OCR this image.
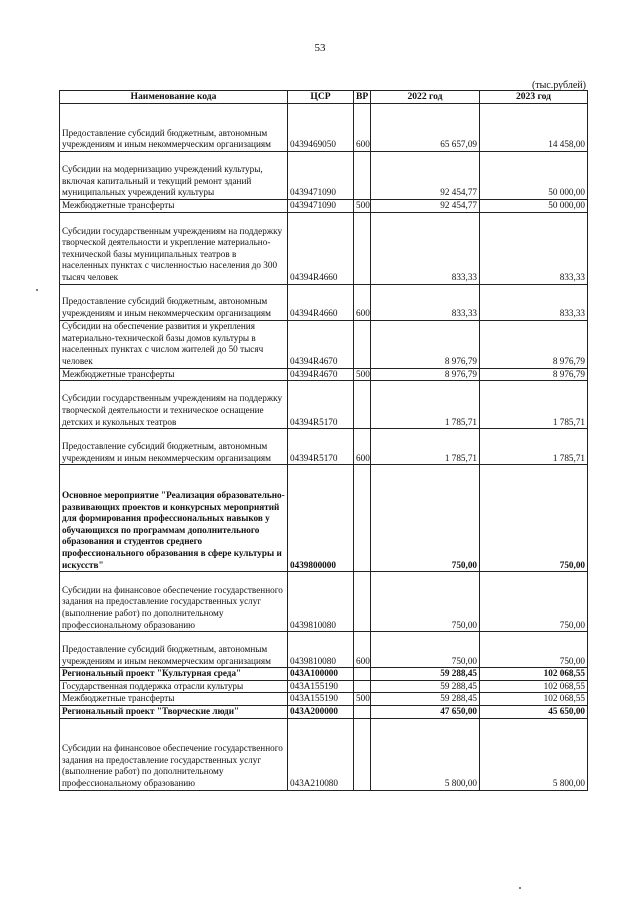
53
(тыс.рублей)
Наименование кода	ЦСР	ВР	2022 год	2023 год
Предоставление субсидий бюджетным, автономным учреждениям и иным некоммерческим организациям	0439469050	600	65 657,09	14 458,00
Субсидии на модернизацию учреждений культуры, включая капитальный и текущий ремонт зданий муниципальных учреждений культуры	0439471090		92 454,77	50 000,00
Межбюджетные трансферты	0439471090	500	92 454,77	50 000,00
Субсидии государственным учреждениям на поддержку творческой деятельности и укрепление материально-технической базы муниципальных театров в населенных пунктах с численностью населения до 300 тысяч человек	04394R4660		833,33	833,33
Предоставление субсидий бюджетным, автономным учреждениям и иным некоммерческим организациям	04394R4660	600	833,33	833,33
Субсидии на обеспечение развития и укрепления материально-технической базы домов культуры в населенных пунктах с числом жителей до 50 тысяч человек	04394R4670		8 976,79	8 976,79
Межбюджетные трансферты	04394R4670	500	8 976,79	8 976,79
Субсидии государственным учреждениям на поддержку творческой деятельности и техническое оснащение детских и кукольных театров	04394R5170		1 785,71	1 785,71
Предоставление субсидий бюджетным, автономным учреждениям и иным некоммерческим организациям	04394R5170	600	1 785,71	1 785,71
Основное мероприятие "Реализация образовательно-развивающих проектов и конкурсных мероприятий для формирования профессиональных навыков у обучающихся по программам дополнительного образования и студентов среднего профессионального образования в сфере культуры и искусств"	0439800000		750,00	750,00
Субсидии на финансовое обеспечение государственного задания на предоставление государственных услуг (выполнение работ) по дополнительному профессиональному образованию	0439810080		750,00	750,00
Предоставление субсидий бюджетным, автономным учреждениям и иным некоммерческим организациям	0439810080	600	750,00	750,00
Региональный проект "Культурная среда"	043A100000		59 288,45	102 068,55
Государственная поддержка отрасли культуры	043A155190		59 288,45	102 068,55
Межбюджетные трансферты	043A155190	500	59 288,45	102 068,55
Региональный проект "Творческие люди"	043A200000		47 650,00	45 650,00
Субсидии на финансовое обеспечение государственного задания на предоставление государственных услуг (выполнение работ) по дополнительному профессиональному образованию	043A210080		5 800,00	5 800,00
